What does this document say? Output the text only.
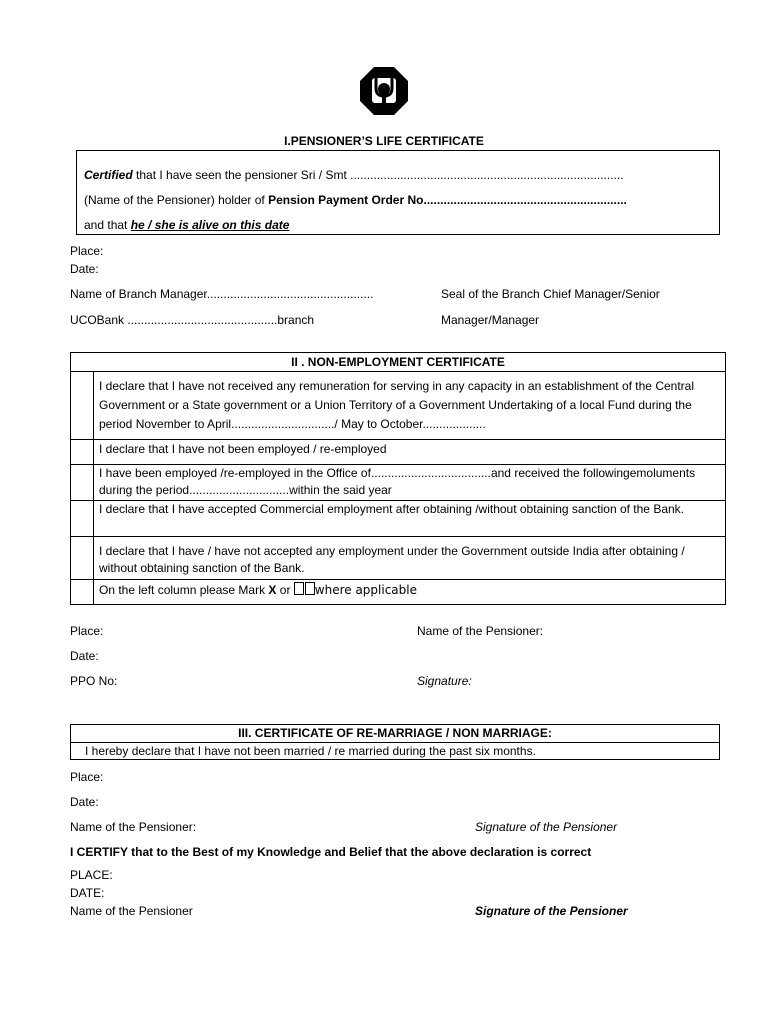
I.PENSIONER’S LIFE CERTIFICATE
Certified that I have seen the pensioner Sri / Smt ..................................................................................
(Name of the Pensioner) holder of Pension Payment Order No.............................................................
and that he / she is alive on this date
Place:
Date:
Name of Branch Manager..................................................	Seal of the Branch Chief Manager/Senior
UCOBank .............................................branch	Manager/Manager
II . NON-EMPLOYMENT CERTIFICATE
I declare that I have not received any remuneration for serving in any capacity in an establishment of the Central Government or a State government or a Union Territory of a Government Undertaking of a local Fund during the period November to April.............................../ May to October...................
I declare that I have not been employed / re-employed
I have been employed /re-employed in the Office of....................................and received the followingemoluments during the period..............................within the said year
I declare that I have accepted Commercial employment after obtaining /without obtaining sanction of the Bank.
I declare that I have / have not accepted any employment under the Government outside India after obtaining / without obtaining sanction of the Bank.
On the left column please Mark X or where applicable
Place:	Name of the Pensioner:
Date:
PPO No:	Signature:
III. CERTIFICATE OF RE-MARRIAGE / NON MARRIAGE:
I hereby declare that I have not been married / re married during the past six months.
Place:
Date:
Name of the Pensioner:	Signature of the Pensioner
I CERTIFY that to the Best of my Knowledge and Belief that the above declaration is correct
PLACE:
DATE:
Name of the Pensioner	Signature of the Pensioner
